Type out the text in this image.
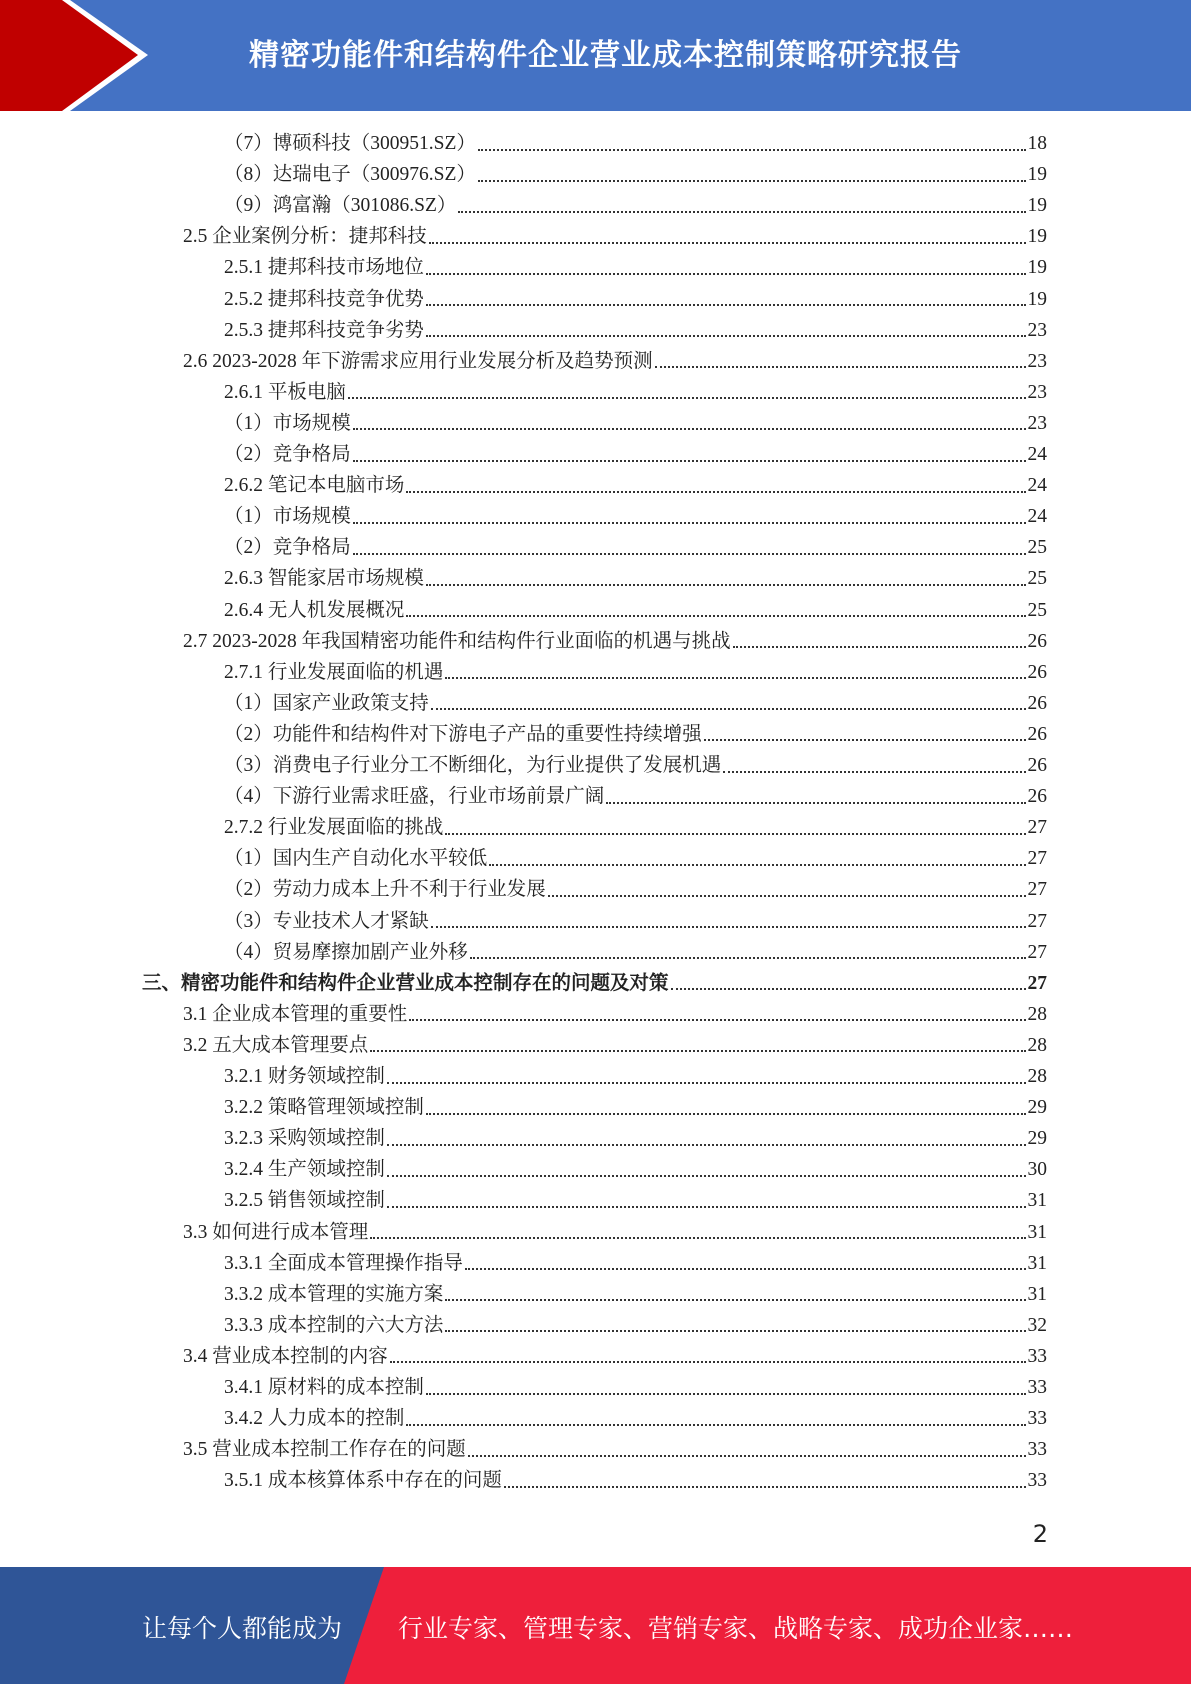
精密功能件和结构件企业营业成本控制策略研究报告
（7）博硕科技（300951.SZ）	18
（8）达瑞电子（300976.SZ）	19
（9）鸿富瀚（301086.SZ）	19
2.5 企业案例分析：捷邦科技	19
2.5.1 捷邦科技市场地位	19
2.5.2 捷邦科技竞争优势	19
2.5.3 捷邦科技竞争劣势	23
2.6 2023-2028 年下游需求应用行业发展分析及趋势预测	23
2.6.1 平板电脑	23
（1）市场规模	23
（2）竞争格局	24
2.6.2 笔记本电脑市场	24
（1）市场规模	24
（2）竞争格局	25
2.6.3 智能家居市场规模	25
2.6.4 无人机发展概况	25
2.7 2023-2028 年我国精密功能件和结构件行业面临的机遇与挑战	26
2.7.1 行业发展面临的机遇	26
（1）国家产业政策支持	26
（2）功能件和结构件对下游电子产品的重要性持续增强	26
（3）消费电子行业分工不断细化，为行业提供了发展机遇	26
（4）下游行业需求旺盛，行业市场前景广阔	26
2.7.2 行业发展面临的挑战	27
（1）国内生产自动化水平较低	27
（2）劳动力成本上升不利于行业发展	27
（3）专业技术人才紧缺	27
（4）贸易摩擦加剧产业外移	27
三、精密功能件和结构件企业营业成本控制存在的问题及对策	27
3.1 企业成本管理的重要性	28
3.2 五大成本管理要点	28
3.2.1 财务领域控制	28
3.2.2 策略管理领域控制	29
3.2.3 采购领域控制	29
3.2.4 生产领域控制	30
3.2.5 销售领域控制	31
3.3 如何进行成本管理	31
3.3.1 全面成本管理操作指导	31
3.3.2 成本管理的实施方案	31
3.3.3 成本控制的六大方法	32
3.4 营业成本控制的内容	33
3.4.1 原材料的成本控制	33
3.4.2 人力成本的控制	33
3.5 营业成本控制工作存在的问题	33
3.5.1 成本核算体系中存在的问题	33
2
让每个人都能成为 行业专家、管理专家、营销专家、战略专家、成功企业家……
